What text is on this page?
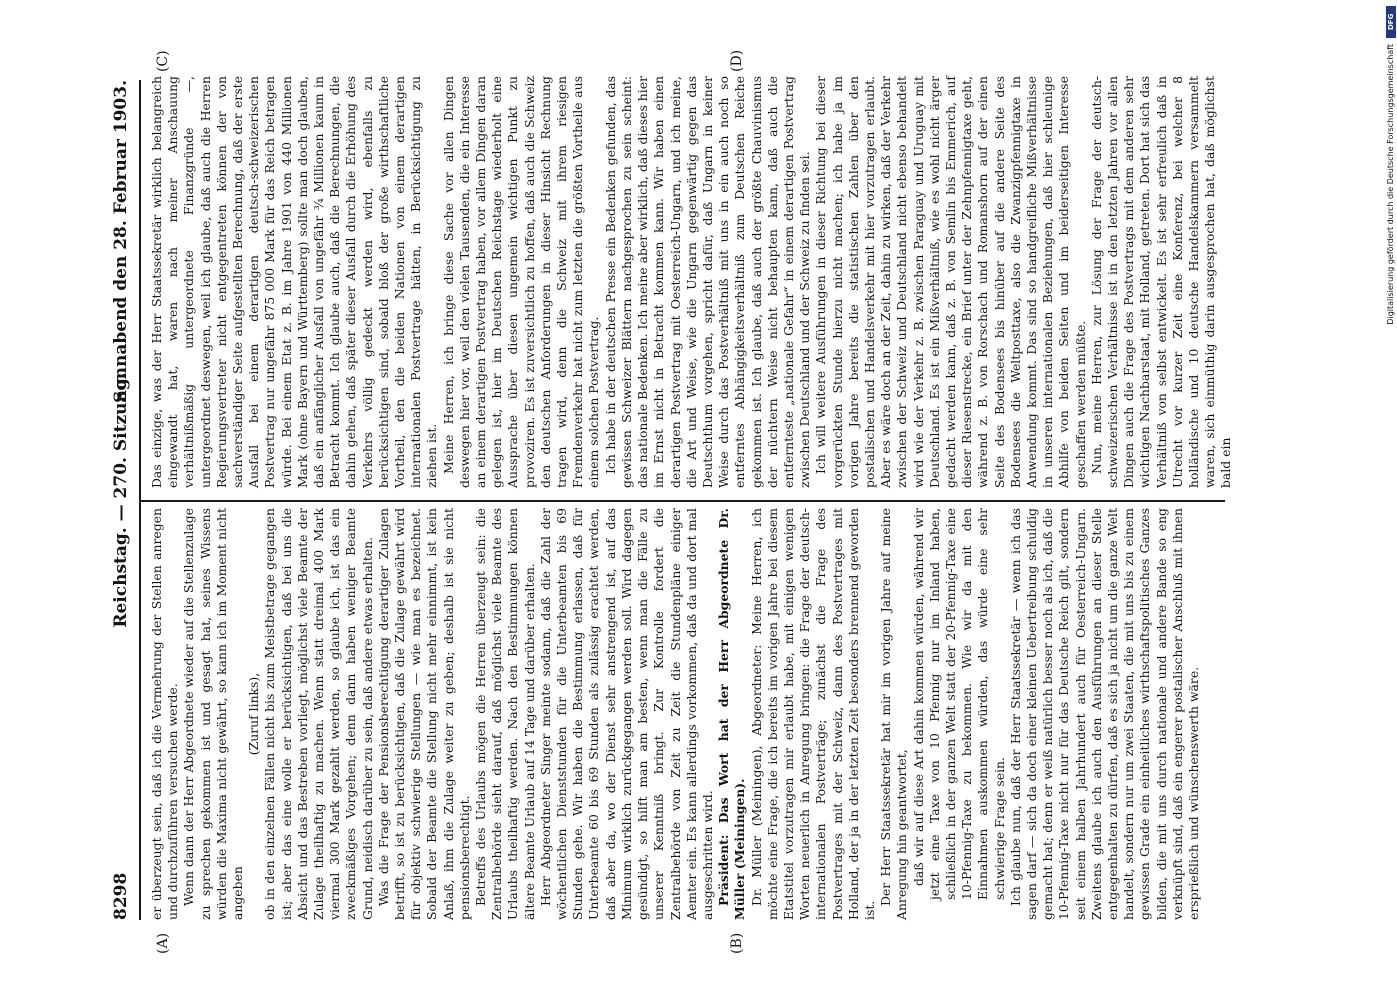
8298
Reichstag. — 270. Sitzung.
Sonnabend den 28. Februar 1903.
(A)	(B)
(C)	(D)

er überzeugt sein, daß ich die Vermehrung der Stellen anregen und durchzuführen versuchen werde. Wenn dann der Herr Abgeordnete wieder auf die Stellenzulage zu sprechen gekommen ist und gesagt hat, seines Wissens würden die Maxima nicht gewährt, so kann ich im Moment nicht angeben

(Zuruf links), ob in den einzelnen Fällen nicht bis zum Meistbetrage gegangen ist; aber das eine wolle er berücksichtigen, daß bei uns die Absicht und das Bestreben vorliegt, möglichst viele Beamte der Zulage theilhaftig zu machen. Wenn statt dreimal 400 Mark viermal 300 Mark gezahlt werden, so glaube ich, ist das ein zweckmäßiges Vorgehen; denn dann haben weniger Beamte Grund, neidisch darüber zu sein, daß andere etwas erhalten. Was die Frage der Pensionsberechtigung derartiger Zulagen betrifft, so ist zu berücksichtigen, daß die Zulage gewährt wird für objektiv schwierige Stellungen — wie man es bezeichnet. Sobald der Beamte die Stellung nicht mehr einnimmt, ist kein Anlaß, ihm die Zulage weiter zu geben; deshalb ist sie nicht pensionsberechtigt. Betreffs des Urlaubs mögen die Herren überzeugt sein: die Zentralbehörde sieht darauf, daß möglichst viele Beamte des Urlaubs theilhaftig werden. Nach den Bestimmungen können ältere Beamte Urlaub auf 14 Tage und darüber erhalten. Herr Abgeordneter Singer meinte sodann, daß die Zahl der wöchentlichen Dienststunden für die Unterbeamten bis 69 Stunden gehe. Wir haben die Bestimmung erlassen, daß für Unterbeamte 60 bis 69 Stunden als zulässig erachtet werden, daß aber da, wo der Dienst sehr anstrengend ist, auf das Minimum wirklich zurückgegangen werden soll. Wird dagegen gesündigt, so hilft man am besten, wenn man die Fälle zu unserer Kenntniß bringt. Zur Kontrolle fordert die Zentralbehörde von Zeit zu Zeit die Stundenpläne einiger Aemter ein. Es kann allerdings vorkommen, daß da und dort mal ausgeschritten wird. Präsident: Das Wort hat der Herr Abgeordnete Dr. Müller (Meiningen). Dr. Müller (Meiningen), Abgeordneter: Meine Herren, ich möchte eine Frage, die ich bereits im vorigen Jahre bei diesem Etatstitel vorzutragen mir erlaubt habe, mit einigen wenigen Worten neuerlich in Anregung bringen: die Frage der deutsch-internationalen Postverträge; zunächst die Frage des Postvertrages mit der Schweiz, dann des Postvertrages mit Holland, der ja in der letzten Zeit besonders brennend geworden ist.

Der Herr Staatssekretär hat mir im vorigen Jahre auf meine Anregung hin geantwortet, daß wir auf diese Art dahin kommen würden, während wir jetzt eine Taxe von 10 Pfennig nur im Inland haben, schließlich in der ganzen Welt statt der 20-Pfennig-Taxe eine 10-Pfennig-Taxe zu bekommen. Wie wir da mit den Einnahmen auskommen würden, das würde eine sehr schwierige Frage sein. Ich glaube nun, daß der Herr Staatssekretär — wenn ich das sagen darf — sich da doch einer kleinen Uebertreibung schuldig gemacht hat; denn er weiß natürlich besser noch als ich, daß die 10-Pfennig-Taxe nicht nur für das Deutsche Reich gilt, sondern seit einem halben Jahrhundert auch für Oesterreich-Ungarn. Zweitens glaube ich auch den Ausführungen an dieser Stelle entgegenhalten zu dürfen, daß es sich ja nicht um die ganze Welt handelt, sondern nur um zwei Staaten, die mit uns bis zu einem gewissen Grade ein einheitliches wirthschaftspolitisches Ganzes bilden, die mit uns durch nationale und andere Bande so eng verknüpft sind, daß ein engerer postalischer Anschluß mit ihnen ersprießlich und wünschenswerth wäre.

Das einzige, was der Herr Staatssekretär wirklich belangreich eingewandt hat, waren nach meiner Anschauung verhältnißmäßig untergeordnete Finanzgründe —, untergeordnet deswegen, weil ich glaube, daß auch die Herren Regierungsvertreter nicht entgegentreten können der von sachverständiger Seite aufgestellten Berechnung, daß der erste Ausfall bei einem derartigen deutsch-schweizerischen Postvertrag nur ungefähr 875 000 Mark für das Reich betragen würde. Bei einem Etat z. B. im Jahre 1901 von 440 Millionen Mark (ohne Bayern und Württemberg) sollte man doch glauben, daß ein anfänglicher Ausfall von ungefähr ¾ Millionen kaum in Betracht kommt. Ich glaube auch, daß die Berechnungen, die dahin gehen, daß später dieser Ausfall durch die Erhöhung des Verkehrs völlig gedeckt werden wird, ebenfalls zu berücksichtigen sind, sobald bloß der große wirthschaftliche Vortheil, den die beiden Nationen von einem derartigen internationalen Postvertrage hätten, in Berücksichtigung zu ziehen ist. Meine Herren, ich bringe diese Sache vor allen Dingen deswegen hier vor, weil den vielen Tausenden, die ein Interesse an einem derartigen Postvertrag haben, vor allem Dingen daran gelegen ist, hier im Deutschen Reichstage wiederholt eine Aussprache über diesen ungemein wichtigen Punkt zu provoziren. Es ist zuversichtlich zu hoffen, daß auch die Schweiz den deutschen Anforderungen in dieser Hinsicht Rechnung tragen wird, denn die Schweiz mit ihrem riesigen Fremdenverkehr hat nicht zum letzten die größten Vortheile aus einem solchen Postvertrag. Ich habe in der deutschen Presse ein Bedenken gefunden, das gewissen Schweizer Blättern nachgesprochen zu sein scheint: das nationale Bedenken. Ich meine aber wirklich, daß dieses hier im Ernst nicht in Betracht kommen kann. Wir haben einen derartigen Postvertrag mit Oesterreich-Ungarn, und ich meine, die Art und Weise, wie die Ungarn gegenwärtig gegen das Deutschthum vorgehen, spricht dafür, daß Ungarn in keiner Weise durch das Postverhältniß mit uns in ein auch noch so entferntes Abhängigkeitsverhältniß zum Deutschen Reiche gekommen ist. Ich glaube, daß auch der größte Chauvinismus der nüchtern Weise nicht behaupten kann, daß auch die entfernteste „nationale Gefahr“ in einem derartigen Postvertrag zwischen Deutschland und der Schweiz zu finden sei. Ich will weitere Ausführungen in dieser Richtung bei dieser vorgerückten Stunde hierzu nicht machen; ich habe ja im vorigen Jahre bereits die statistischen Zahlen über den postalischen und Handelsverkehr mit hier vorzutragen erlaubt. Aber es wäre doch an der Zeit, dahin zu wirken, daß der Verkehr zwischen der Schweiz und Deutschland nicht ebenso behandelt wird wie der Verkehr z. B. zwischen Paraguay und Uruguay mit Deutschland. Es ist ein Mißverhältniß, wie es wohl nicht ärger gedacht werden kann, daß z. B. von Semlin bis Emmerich, auf dieser Riesenstrecke, ein Brief unter der Zehnpfennigtaxe geht, während z. B. von Rorschach und Romanshorn auf der einen Seite des Bodensees bis hinüber auf die andere Seite des Bodensees die Weltposttaxe, also die Zwanzigpfennigtaxe in Anwendung kommt. Das sind so handgreifliche Mißverhältnisse in unseren internationalen Beziehungen, daß hier schleunige Abhilfe von beiden Seiten und im beiderseitigen Interesse geschaffen werden müßte. Nun, meine Herren, zur Lösung der Frage der deutsch-schweizerischen Verhältnisse ist in den letzten Jahren vor allen Dingen auch die Frage des Postvertrags mit dem anderen sehr wichtigen Nachbarstaat, mit Holland, getreten. Dort hat sich das Verhältniß von selbst entwickelt. Es ist sehr erfreulich daß in Utrecht vor kurzer Zeit eine Konferenz, bei welcher 8 holländische und 10 deutsche Handelskammern versammelt waren, sich einmüthig darin ausgesprochen hat, daß möglichst bald ein

DFG
Digitalisierung gefördert durch die Deutsche Forschungsgemeinschaft
